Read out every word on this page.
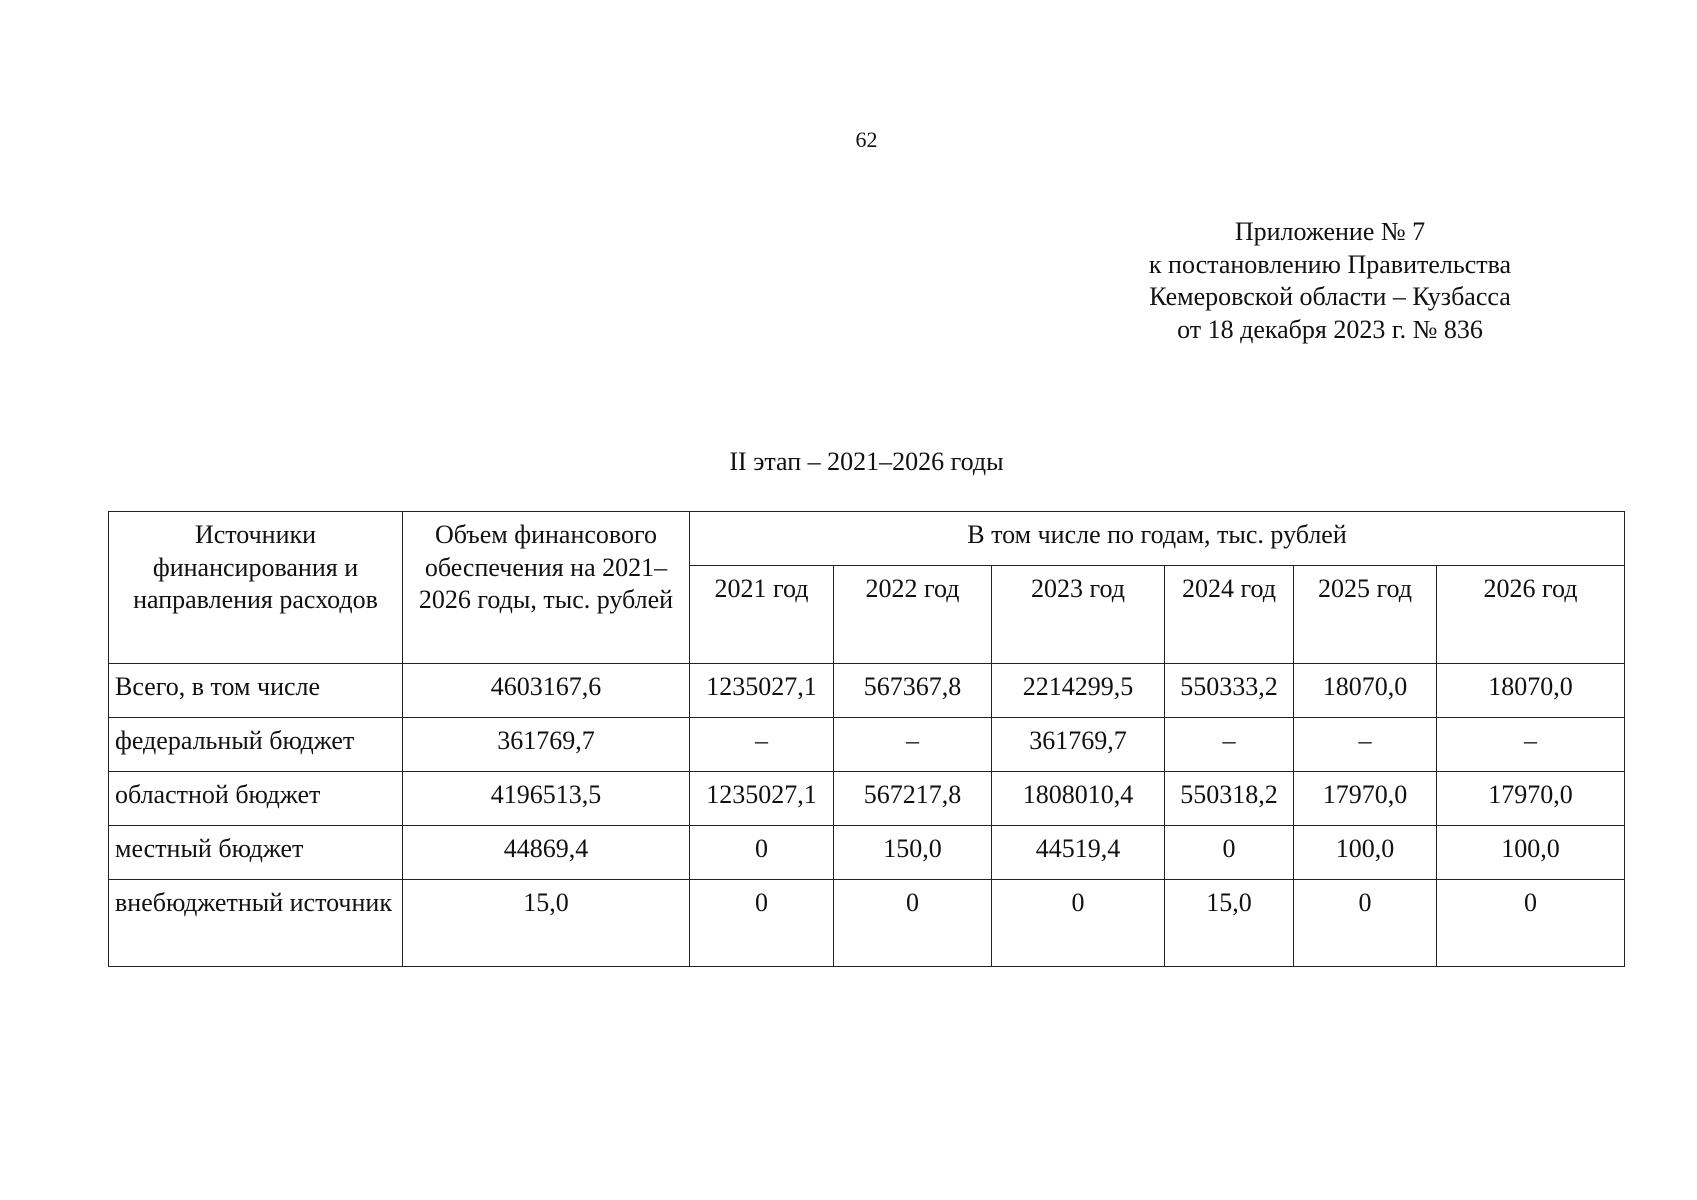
62
Приложение № 7
к постановлению Правительства
Кемеровской области – Кузбасса
от 18 декабря 2023 г. № 836
II этап – 2021–2026 годы
Источники финансирования и направления расходов	Объем финансового обеспечения на 2021–2026 годы, тыс. рублей	В том числе по годам, тыс. рублей					
		2021 год	2022 год	2023 год	2024 год	2025 год	2026 год
Всего, в том числе	4603167,6	1235027,1	567367,8	2214299,5	550333,2	18070,0	18070,0
федеральный бюджет	361769,7	–	–	361769,7	–	–	–
областной бюджет	4196513,5	1235027,1	567217,8	1808010,4	550318,2	17970,0	17970,0
местный бюджет	44869,4	0	150,0	44519,4	0	100,0	100,0
внебюджетный источник	15,0	0	0	0	15,0	0	0
